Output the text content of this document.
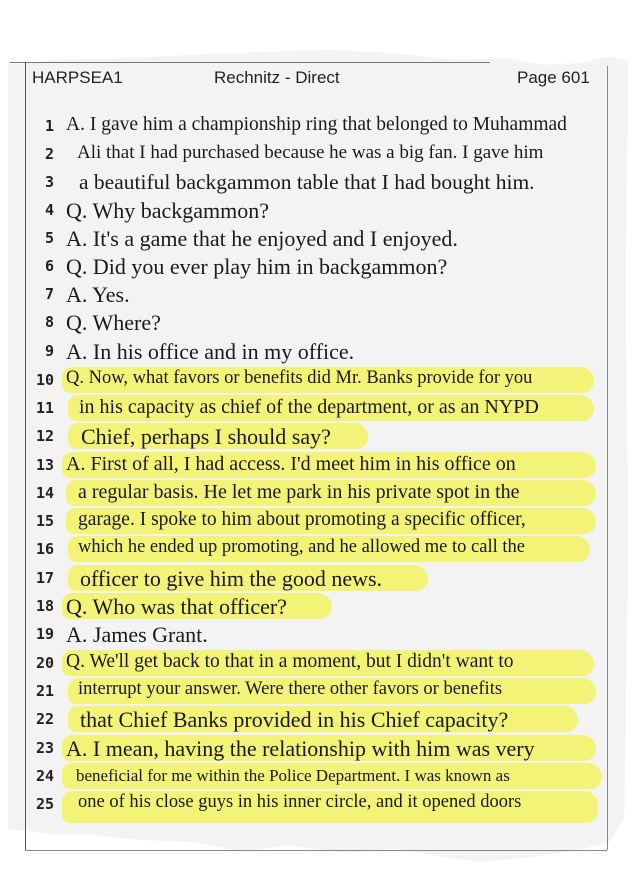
HARPSEA1	Rechnitz - Direct	Page 601
1 A. I gave him a championship ring that belonged to Muhammad
2 Ali that I had purchased because he was a big fan. I gave him
3 a beautiful backgammon table that I had bought him.
4 Q. Why backgammon?
5 A. It's a game that he enjoyed and I enjoyed.
6 Q. Did you ever play him in backgammon?
7 A. Yes.
8 Q. Where?
9 A. In his office and in my office.
10 Q. Now, what favors or benefits did Mr. Banks provide for you
11 in his capacity as chief of the department, or as an NYPD
12 Chief, perhaps I should say?
13 A. First of all, I had access. I'd meet him in his office on
14 a regular basis. He let me park in his private spot in the
15 garage. I spoke to him about promoting a specific officer,
16 which he ended up promoting, and he allowed me to call the
17 officer to give him the good news.
18 Q. Who was that officer?
19 A. James Grant.
20 Q. We'll get back to that in a moment, but I didn't want to
21 interrupt your answer. Were there other favors or benefits
22 that Chief Banks provided in his Chief capacity?
23 A. I mean, having the relationship with him was very
24 beneficial for me within the Police Department. I was known as
25 one of his close guys in his inner circle, and it opened doors
